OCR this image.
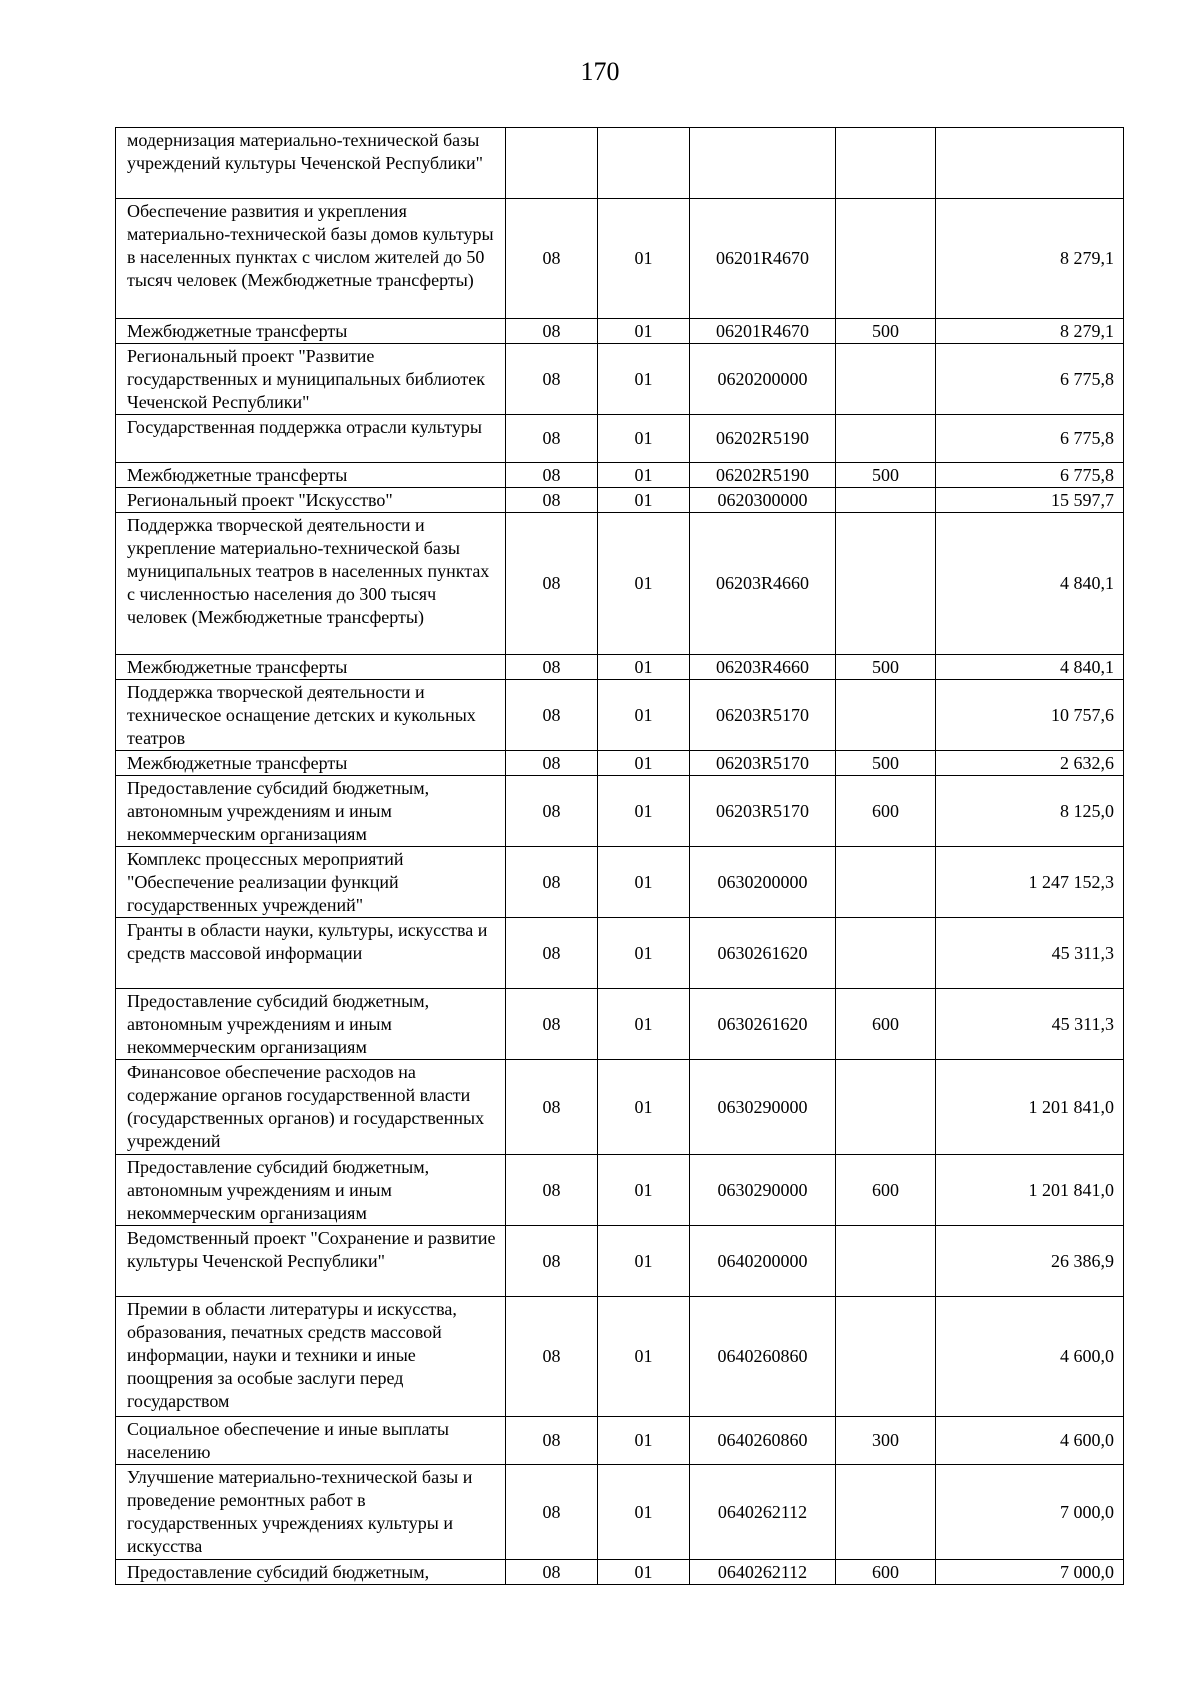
170
модернизация материально-технической базы учреждений культуры Чеченской Республики"					
Обеспечение развития и укрепления материально-технической базы домов культуры в населенных пунктах с числом жителей до 50 тысяч человек (Межбюджетные трансферты)	08	01	06201R4670		8 279,1
Межбюджетные трансферты	08	01	06201R4670	500	8 279,1
Региональный проект "Развитие государственных и муниципальных библиотек Чеченской Республики"	08	01	0620200000		6 775,8
Государственная поддержка отрасли культуры	08	01	06202R5190		6 775,8
Межбюджетные трансферты	08	01	06202R5190	500	6 775,8
Региональный проект "Искусство"	08	01	0620300000		15 597,7
Поддержка творческой деятельности и укрепление материально-технической базы муниципальных театров в населенных пунктах с численностью населения до 300 тысяч человек (Межбюджетные трансферты)	08	01	06203R4660		4 840,1
Межбюджетные трансферты	08	01	06203R4660	500	4 840,1
Поддержка творческой деятельности и техническое оснащение детских и кукольных театров	08	01	06203R5170		10 757,6
Межбюджетные трансферты	08	01	06203R5170	500	2 632,6
Предоставление субсидий бюджетным, автономным учреждениям и иным некоммерческим организациям	08	01	06203R5170	600	8 125,0
Комплекс процессных мероприятий "Обеспечение реализации функций государственных учреждений"	08	01	0630200000		1 247 152,3
Гранты в области науки, культуры, искусства и средств массовой информации	08	01	0630261620		45 311,3
Предоставление субсидий бюджетным, автономным учреждениям и иным некоммерческим организациям	08	01	0630261620	600	45 311,3
Финансовое обеспечение расходов на содержание органов государственной власти (государственных органов) и государственных учреждений	08	01	0630290000		1 201 841,0
Предоставление субсидий бюджетным, автономным учреждениям и иным некоммерческим организациям	08	01	0630290000	600	1 201 841,0
Ведомственный проект "Сохранение и развитие культуры Чеченской Республики"	08	01	0640200000		26 386,9
Премии в области литературы и искусства, образования, печатных средств массовой информации, науки и техники и иные поощрения за особые заслуги перед государством	08	01	0640260860		4 600,0
Социальное обеспечение и иные выплаты населению	08	01	0640260860	300	4 600,0
Улучшение материально-технической базы и проведение ремонтных работ в государственных учреждениях культуры и искусства	08	01	0640262112		7 000,0
Предоставление субсидий бюджетным,	08	01	0640262112	600	7 000,0
